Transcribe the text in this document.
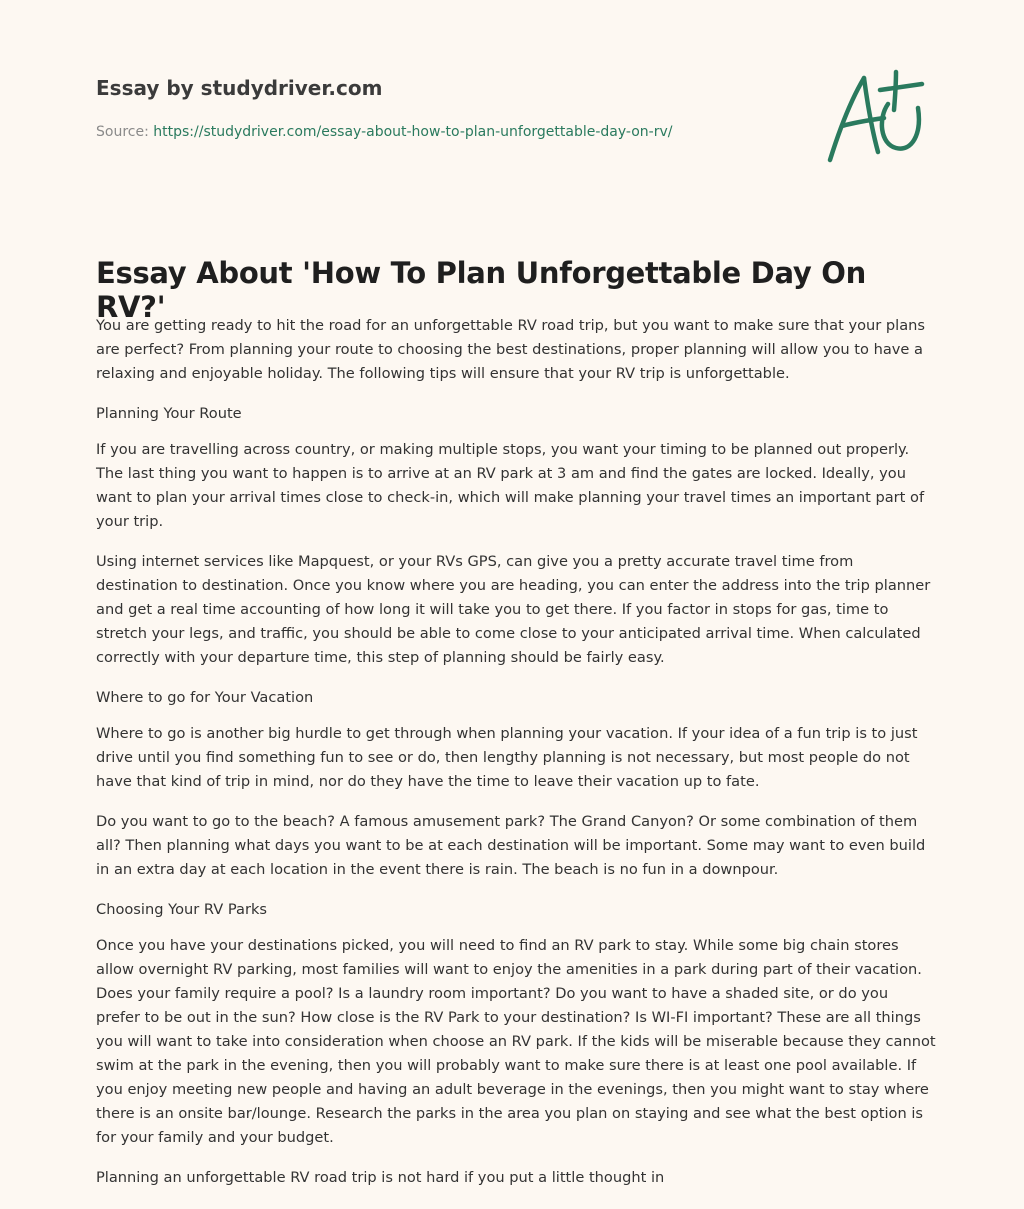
Essay by studydriver.com
Source: https://studydriver.com/essay-about-how-to-plan-unforgettable-day-on-rv/
Essay About 'How To Plan Unforgettable Day On RV?'

You are getting ready to hit the road for an unforgettable RV road trip, but you want to make sure that your plans are perfect? From planning your route to choosing the best destinations, proper planning will allow you to have a relaxing and enjoyable holiday. The following tips will ensure that your RV trip is unforgettable.

Planning Your Route

If you are travelling across country, or making multiple stops, you want your timing to be planned out properly. The last thing you want to happen is to arrive at an RV park at 3 am and find the gates are locked. Ideally, you want to plan your arrival times close to check-in, which will make planning your travel times an important part of your trip.

Using internet services like Mapquest, or your RVs GPS, can give you a pretty accurate travel time from destination to destination. Once you know where you are heading, you can enter the address into the trip planner and get a real time accounting of how long it will take you to get there. If you factor in stops for gas, time to stretch your legs, and traffic, you should be able to come close to your anticipated arrival time. When calculated correctly with your departure time, this step of planning should be fairly easy.

Where to go for Your Vacation

Where to go is another big hurdle to get through when planning your vacation. If your idea of a fun trip is to just drive until you find something fun to see or do, then lengthy planning is not necessary, but most people do not have that kind of trip in mind, nor do they have the time to leave their vacation up to fate.

Do you want to go to the beach? A famous amusement park? The Grand Canyon? Or some combination of them all? Then planning what days you want to be at each destination will be important. Some may want to even build in an extra day at each location in the event there is rain. The beach is no fun in a downpour.

Choosing Your RV Parks

Once you have your destinations picked, you will need to find an RV park to stay. While some big chain stores allow overnight RV parking, most families will want to enjoy the amenities in a park during part of their vacation. Does your family require a pool? Is a laundry room important? Do you want to have a shaded site, or do you prefer to be out in the sun? How close is the RV Park to your destination? Is WI-FI important? These are all things you will want to take into consideration when choose an RV park. If the kids will be miserable because they cannot swim at the park in the evening, then you will probably want to make sure there is at least one pool available. If you enjoy meeting new people and having an adult beverage in the evenings, then you might want to stay where there is an onsite bar/lounge. Research the parks in the area you plan on staying and see what the best option is for your family and your budget.

Planning an unforgettable RV road trip is not hard if you put a little thought in
